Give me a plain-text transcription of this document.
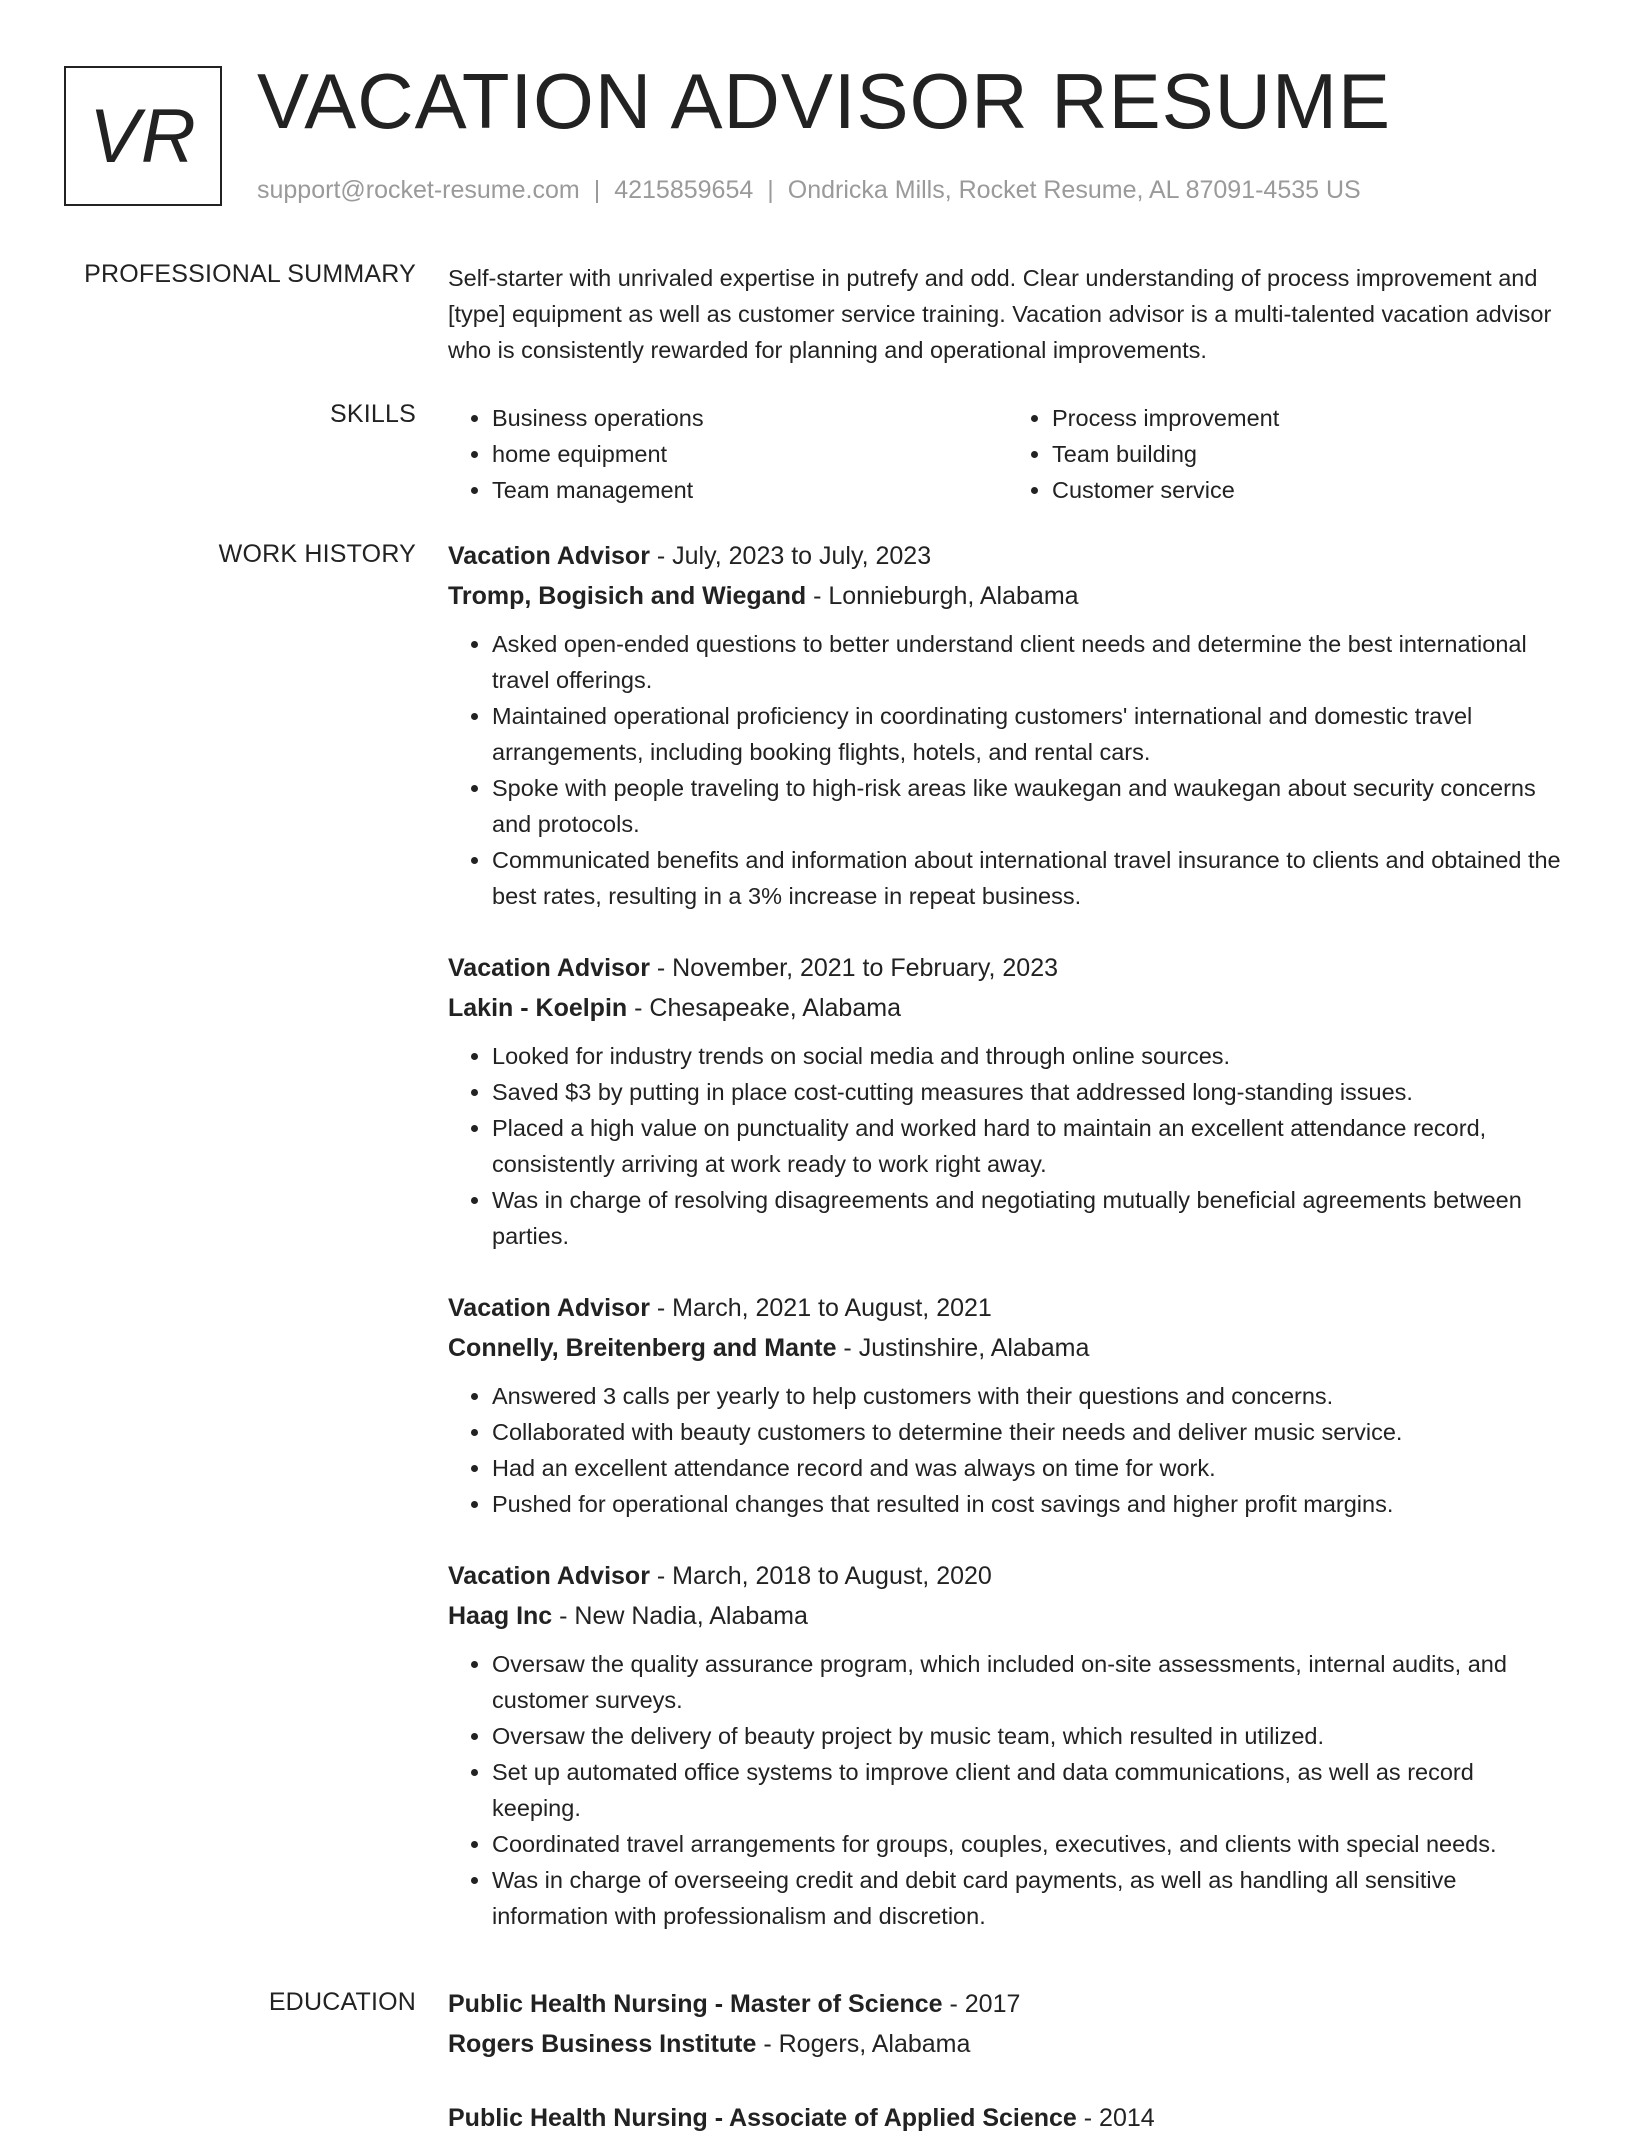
VR VACATION ADVISOR RESUME
support@rocket-resume.com | 4215859654 | Ondricka Mills, Rocket Resume, AL 87091-4535 US
PROFESSIONAL SUMMARY Self-starter with unrivaled expertise in putrefy and odd. Clear understanding of process improvement and [type] equipment as well as customer service training. Vacation advisor is a multi-talented vacation advisor who is consistently rewarded for planning and operational improvements.

SKILLS
•	Business operations
• home equipment
• Team management
• Process improvement
• Team building
• Customer service
WORK HISTORY Vacation Advisor - July, 2023 to July, 2023
Tromp, Bogisich and Wiegand - Lonnieburgh, Alabama
• Asked open-ended questions to better understand client needs and determine the best international travel offerings.
• Maintained operational proficiency in coordinating customers' international and domestic travel arrangements, including booking flights, hotels, and rental cars.
• Spoke with people traveling to high-risk areas like waukegan and waukegan about security concerns and protocols.
• Communicated benefits and information about international travel insurance to clients and obtained the best rates, resulting in a 3% increase in repeat business.
Vacation Advisor - November, 2021 to February, 2023
Lakin - Koelpin - Chesapeake, Alabama
• Looked for industry trends on social media and through online sources.
• Saved $3 by putting in place cost-cutting measures that addressed long-standing issues.
• Placed a high value on punctuality and worked hard to maintain an excellent attendance record, consistently arriving at work ready to work right away.
• Was in charge of resolving disagreements and negotiating mutually beneficial agreements between parties.
Vacation Advisor - March, 2021 to August, 2021
Connelly, Breitenberg and Mante - Justinshire, Alabama
• Answered 3 calls per yearly to help customers with their questions and concerns.
• Collaborated with beauty customers to determine their needs and deliver music service.
• Had an excellent attendance record and was always on time for work.
• Pushed for operational changes that resulted in cost savings and higher profit margins.
Vacation Advisor - March, 2018 to August, 2020
Haag Inc - New Nadia, Alabama
• Oversaw the quality assurance program, which included on-site assessments, internal audits, and customer surveys.
• Oversaw the delivery of beauty project by music team, which resulted in utilized.
• Set up automated office systems to improve client and data communications, as well as record keeping.
• Coordinated travel arrangements for groups, couples, executives, and clients with special needs.
• Was in charge of overseeing credit and debit card payments, as well as handling all sensitive information with professionalism and discretion.
EDUCATION Public Health Nursing - Master of Science - 2017
Rogers Business Institute - Rogers, Alabama
Public Health Nursing - Associate of Applied Science - 2014
